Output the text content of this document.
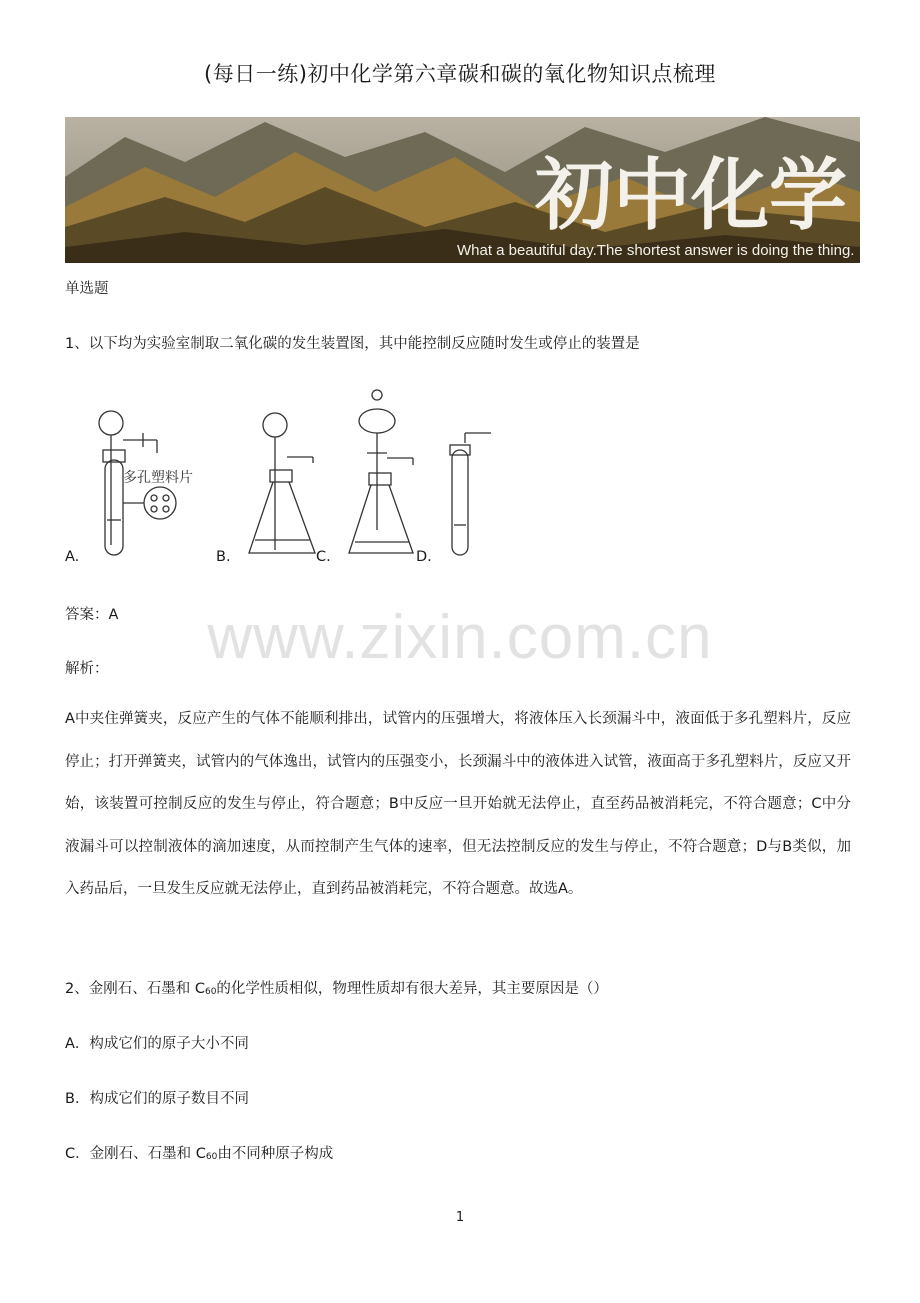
(每日一练)初中化学第六章碳和碳的氧化物知识点梳理
初中化学
What a beautiful day.The shortest answer is doing the thing.
单选题
1、以下均为实验室制取二氧化碳的发生装置图，其中能控制反应随时发生或停止的装置是
多孔塑料片
A.	B.	C.	D.
答案：A	www.zixin.com.cn
解析：
A中夹住弹簧夹，反应产生的气体不能顺利排出，试管内的压强增大，将液体压入长颈漏斗中，液面低于多孔塑料片，反应停止；打开弹簧夹，试管内的气体逸出，试管内的压强变小，长颈漏斗中的液体进入试管，液面高于多孔塑料片，反应又开始，该装置可控制反应的发生与停止，符合题意；B中反应一旦开始就无法停止，直至药品被消耗完，不符合题意；C中分液漏斗可以控制液体的滴加速度，从而控制产生气体的速率，但无法控制反应的发生与停止，不符合题意；D与B类似，加入药品后，一旦发生反应就无法停止，直到药品被消耗完，不符合题意。故选A。
2、金刚石、石墨和 $C_{60}$的化学性质相似，物理性质却有很大差异，其主要原因是（）
A．构成它们的原子大小不同
B．构成它们的原子数目不同
C．金刚石、石墨和 $C_{60}$由不同种原子构成
1
